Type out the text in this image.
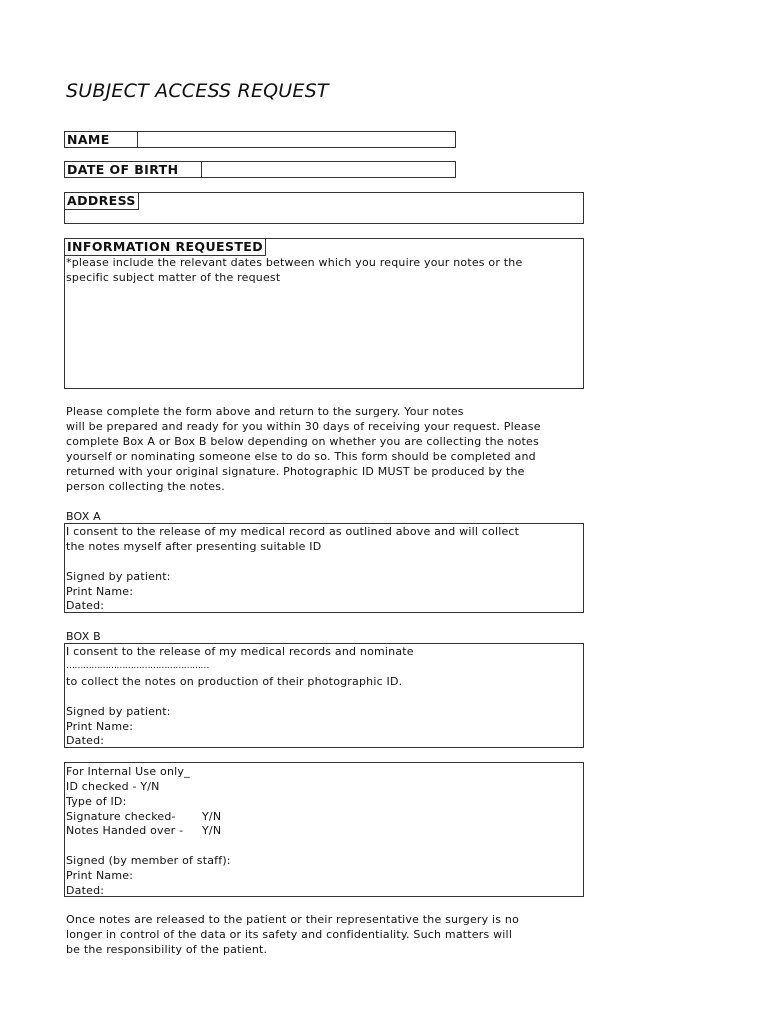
SUBJECT ACCESS REQUEST
NAME
DATE OF BIRTH
ADDRESS
INFORMATION REQUESTED
*please include the relevant dates between which you require your notes or the
specific subject matter of the request
Please complete the form above and return to the surgery. Your notes
will be prepared and ready for you within 30 days of receiving your request. Please
complete Box A or Box B below depending on whether you are collecting the notes
yourself or nominating someone else to do so. This form should be completed and
returned with your original signature. Photographic ID MUST be produced by the
person collecting the notes.
BOX A
I consent to the release of my medical record as outlined above and will collect
the notes myself after presenting suitable ID
Signed by patient:
Print Name:
Dated:
BOX B
I consent to the release of my medical records and nominate
……………………………………………
to collect the notes on production of their photographic ID.
Signed by patient:
Print Name:
Dated:
For Internal Use only_
ID checked - Y/N
Type of ID:
Signature checked- Y/N
Notes Handed over - Y/N
Signed (by member of staff):
Print Name:
Dated:
Once notes are released to the patient or their representative the surgery is no
longer in control of the data or its safety and confidentiality. Such matters will
be the responsibility of the patient.
